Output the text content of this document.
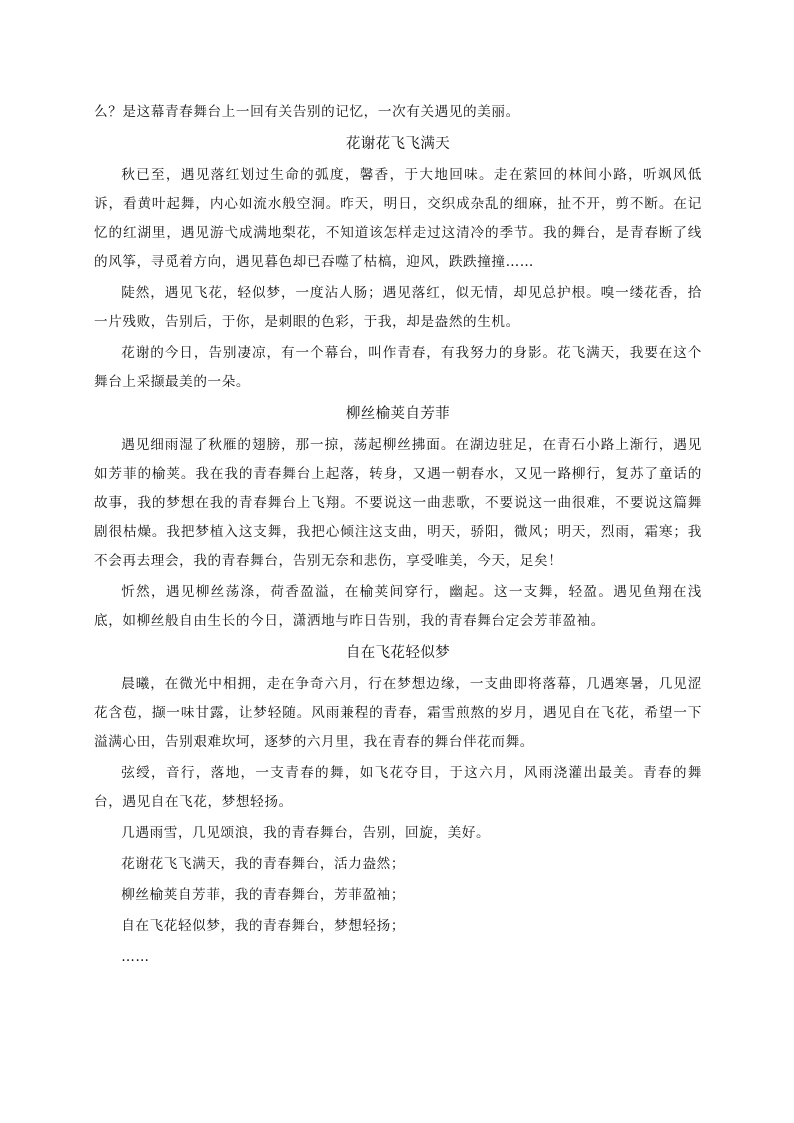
么？是这幕青春舞台上一回有关告别的记忆，一次有关遇见的美丽。

花谢花飞飞满天

秋已至，遇见落红划过生命的弧度，馨香，于大地回味。走在萦回的林间小路，听飒风低诉，看黄叶起舞，内心如流水般空洞。昨天，明日，交织成杂乱的细麻，扯不开，剪不断。在记忆的红湖里，遇见游弋成满地梨花，不知道该怎样走过这清冷的季节。我的舞台，是青春断了线的风筝，寻觅着方向，遇见暮色却已吞噬了枯槁，迎风，跌跌撞撞……

陡然，遇见飞花，轻似梦，一度沾人肠；遇见落红，似无情，却见总护根。嗅一缕花香，拾一片残败，告别后，于你，是刺眼的色彩，于我，却是盎然的生机。

花谢的今日，告别凄凉，有一个幕台，叫作青春，有我努力的身影。花飞满天，我要在这个舞台上采撷最美的一朵。

柳丝榆荚自芳菲

遇见细雨湿了秋雁的翅膀，那一掠，荡起柳丝拂面。在湖边驻足，在青石小路上渐行，遇见如芳菲的榆荚。我在我的青春舞台上起落，转身，又遇一朝春水，又见一路柳行，复苏了童话的故事，我的梦想在我的青春舞台上飞翔。不要说这一曲悲歌，不要说这一曲很难，不要说这篇舞剧很枯燥。我把梦植入这支舞，我把心倾注这支曲，明天，骄阳，微风；明天，烈雨，霜寒；我不会再去理会，我的青春舞台，告别无奈和悲伤，享受唯美，今天，足矣！

忻然，遇见柳丝荡涤，荷香盈溢，在榆荚间穿行，幽起。这一支舞，轻盈。遇见鱼翔在浅底，如柳丝般自由生长的今日，潇洒地与昨日告别，我的青春舞台定会芳菲盈袖。

自在飞花轻似梦

晨曦，在微光中相拥，走在争奇六月，行在梦想边缘，一支曲即将落幕，几遇寒暑，几见涩花含苞，撷一味甘露，让梦轻随。风雨兼程的青春，霜雪煎熬的岁月，遇见自在飞花，希望一下溢满心田，告别艰难坎坷，逐梦的六月里，我在青春的舞台伴花而舞。

弦绶，音行，落地，一支青春的舞，如飞花夺目，于这六月，风雨浇灌出最美。青春的舞台，遇见自在飞花，梦想轻扬。

几遇雨雪，几见颂浪，我的青春舞台，告别，回旋，美好。

花谢花飞飞满天，我的青春舞台，活力盎然；

柳丝榆荚自芳菲，我的青春舞台，芳菲盈袖；

自在飞花轻似梦，我的青春舞台，梦想轻扬；

……
